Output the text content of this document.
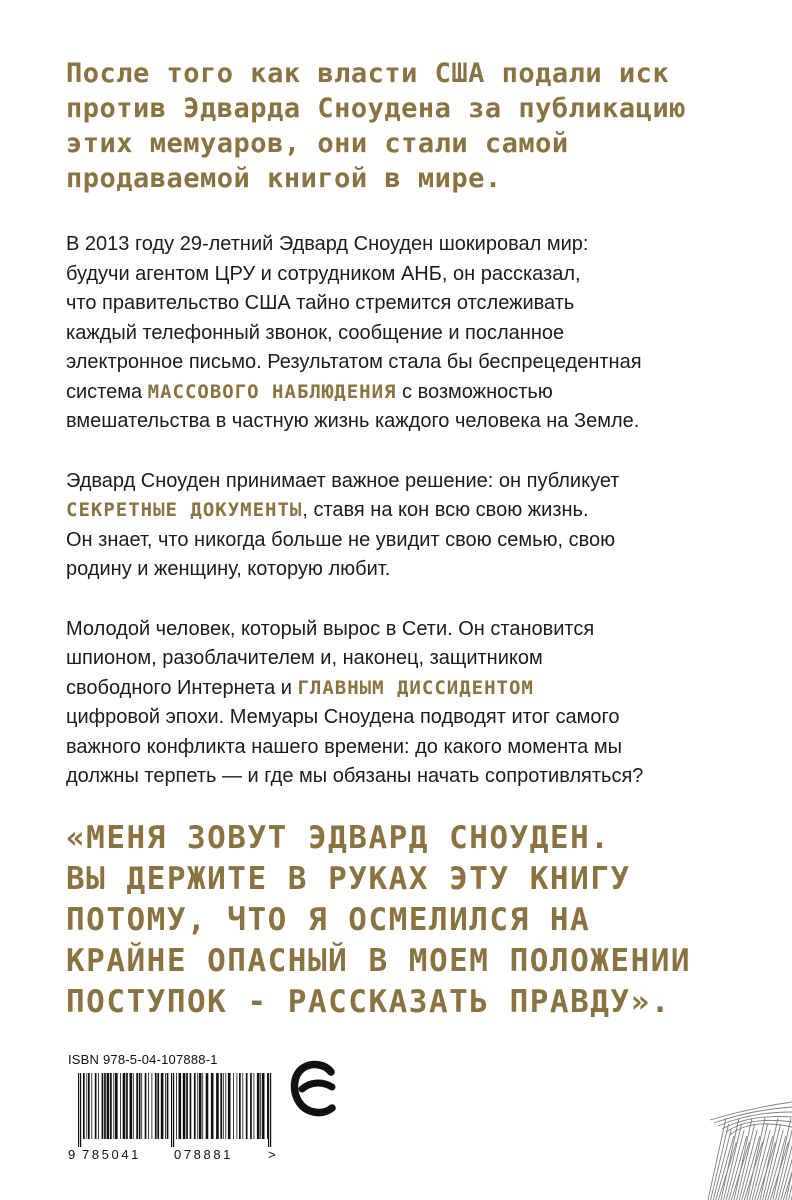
После того как власти США подали иск
против Эдварда Сноудена за публикацию
этих мемуаров, они стали самой
продаваемой книгой в мире.

В 2013 году 29-летний Эдвард Сноуден шокировал мир:
будучи агентом ЦРУ и сотрудником АНБ, он рассказал,
что правительство США тайно стремится отслеживать
каждый телефонный звонок, сообщение и посланное
электронное письмо. Результатом стала бы беспрецедентная
система МАССОВОГО НАБЛЮДЕНИЯ с возможностью
вмешательства в частную жизнь каждого человека на Земле.

Эдвард Сноуден принимает важное решение: он публикует
СЕКРЕТНЫЕ ДОКУМЕНТЫ, ставя на кон всю свою жизнь.
Он знает, что никогда больше не увидит свою семью, свою
родину и женщину, которую любит.

Молодой человек, который вырос в Сети. Он становится
шпионом, разоблачителем и, наконец, защитником
свободного Интернета и ГЛАВНЫМ ДИССИДЕНТОМ
цифровой эпохи. Мемуары Сноудена подводят итог самого
важного конфликта нашего времени: до какого момента мы
должны терпеть — и где мы обязаны начать сопротивляться?

«МЕНЯ ЗОВУТ ЭДВАРД СНОУДЕН.
ВЫ ДЕРЖИТЕ В РУКАХ ЭТУ КНИГУ
ПОТОМУ, ЧТО Я ОСМЕЛИЛСЯ НА
КРАЙНЕ ОПАСНЫЙ В МОЕМ ПОЛОЖЕНИИ
ПОСТУПОК - РАССКАЗАТЬ ПРАВДУ».
ISBN 978-5-04-107888-1
9 785041	078881	>
